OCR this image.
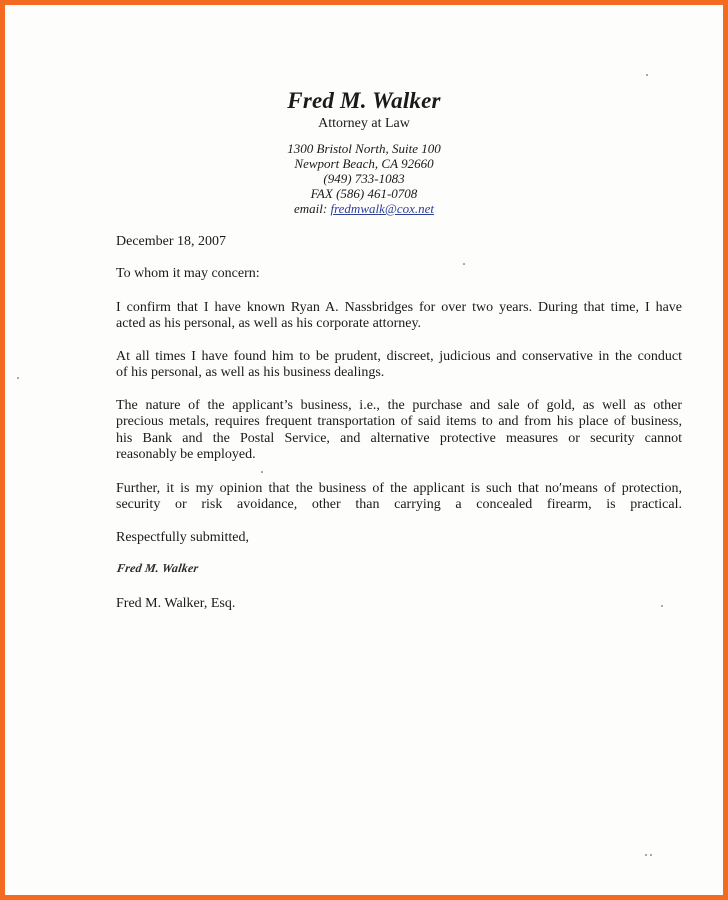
Fred M. Walker
Attorney at Law
1300 Bristol North, Suite 100
Newport Beach, CA 92660
(949) 733-1083
FAX (586) 461-0708
email: fredmwalk@cox.net
December 18, 2007
To whom it may concern:
I confirm that I have known Ryan A. Nassbridges for over two years. During that time, I have
acted as his personal, as well as his corporate attorney.
At all times I have found him to be prudent, discreet, judicious and conservative in the conduct
of his personal, as well as his business dealings.
The nature of the applicant’s business, i.e., the purchase and sale of gold, as well as other
precious metals, requires frequent transportation of said items to and from his place of business,
his Bank and the Postal Service, and alternative protective measures or security cannot
reasonably be employed.
Further, it is my opinion that the business of the applicant is such that no′means of protection,
security or risk avoidance, other than carrying a concealed firearm, is practical.
Respectfully submitted,
Fred M. Walker
Fred M. Walker, Esq.
